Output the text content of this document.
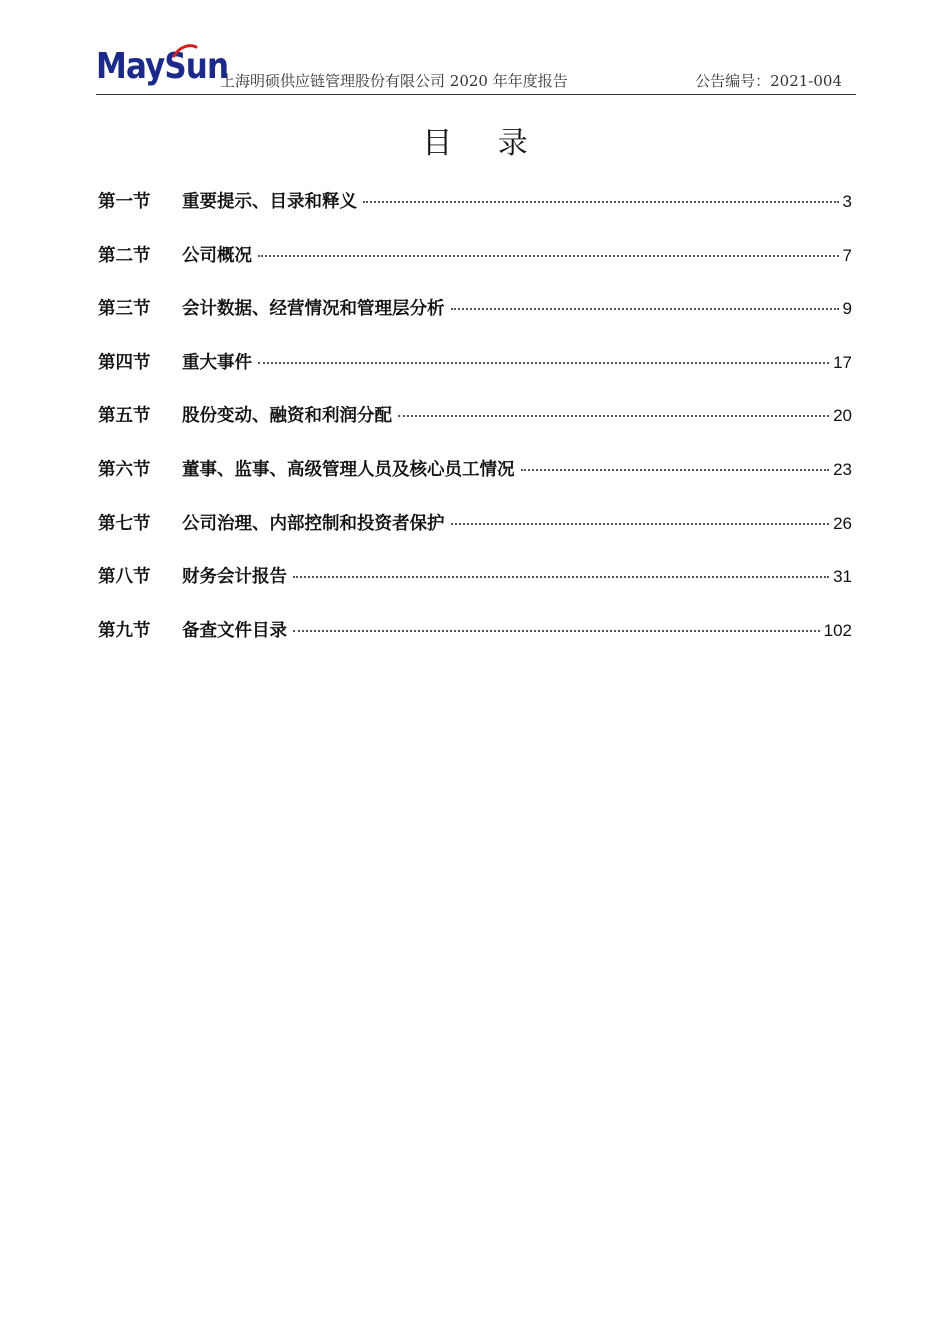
MaySun
上海明硕供应链管理股份有限公司 2020 年年度报告	公告编号：2021-004
目 录
第一节	重要提示、目录和释义	3
第二节	公司概况	7
第三节	会计数据、经营情况和管理层分析	9
第四节	重大事件	17
第五节	股份变动、融资和利润分配	20
第六节	董事、监事、高级管理人员及核心员工情况	23
第七节	公司治理、内部控制和投资者保护	26
第八节	财务会计报告	31
第九节	备查文件目录	102
